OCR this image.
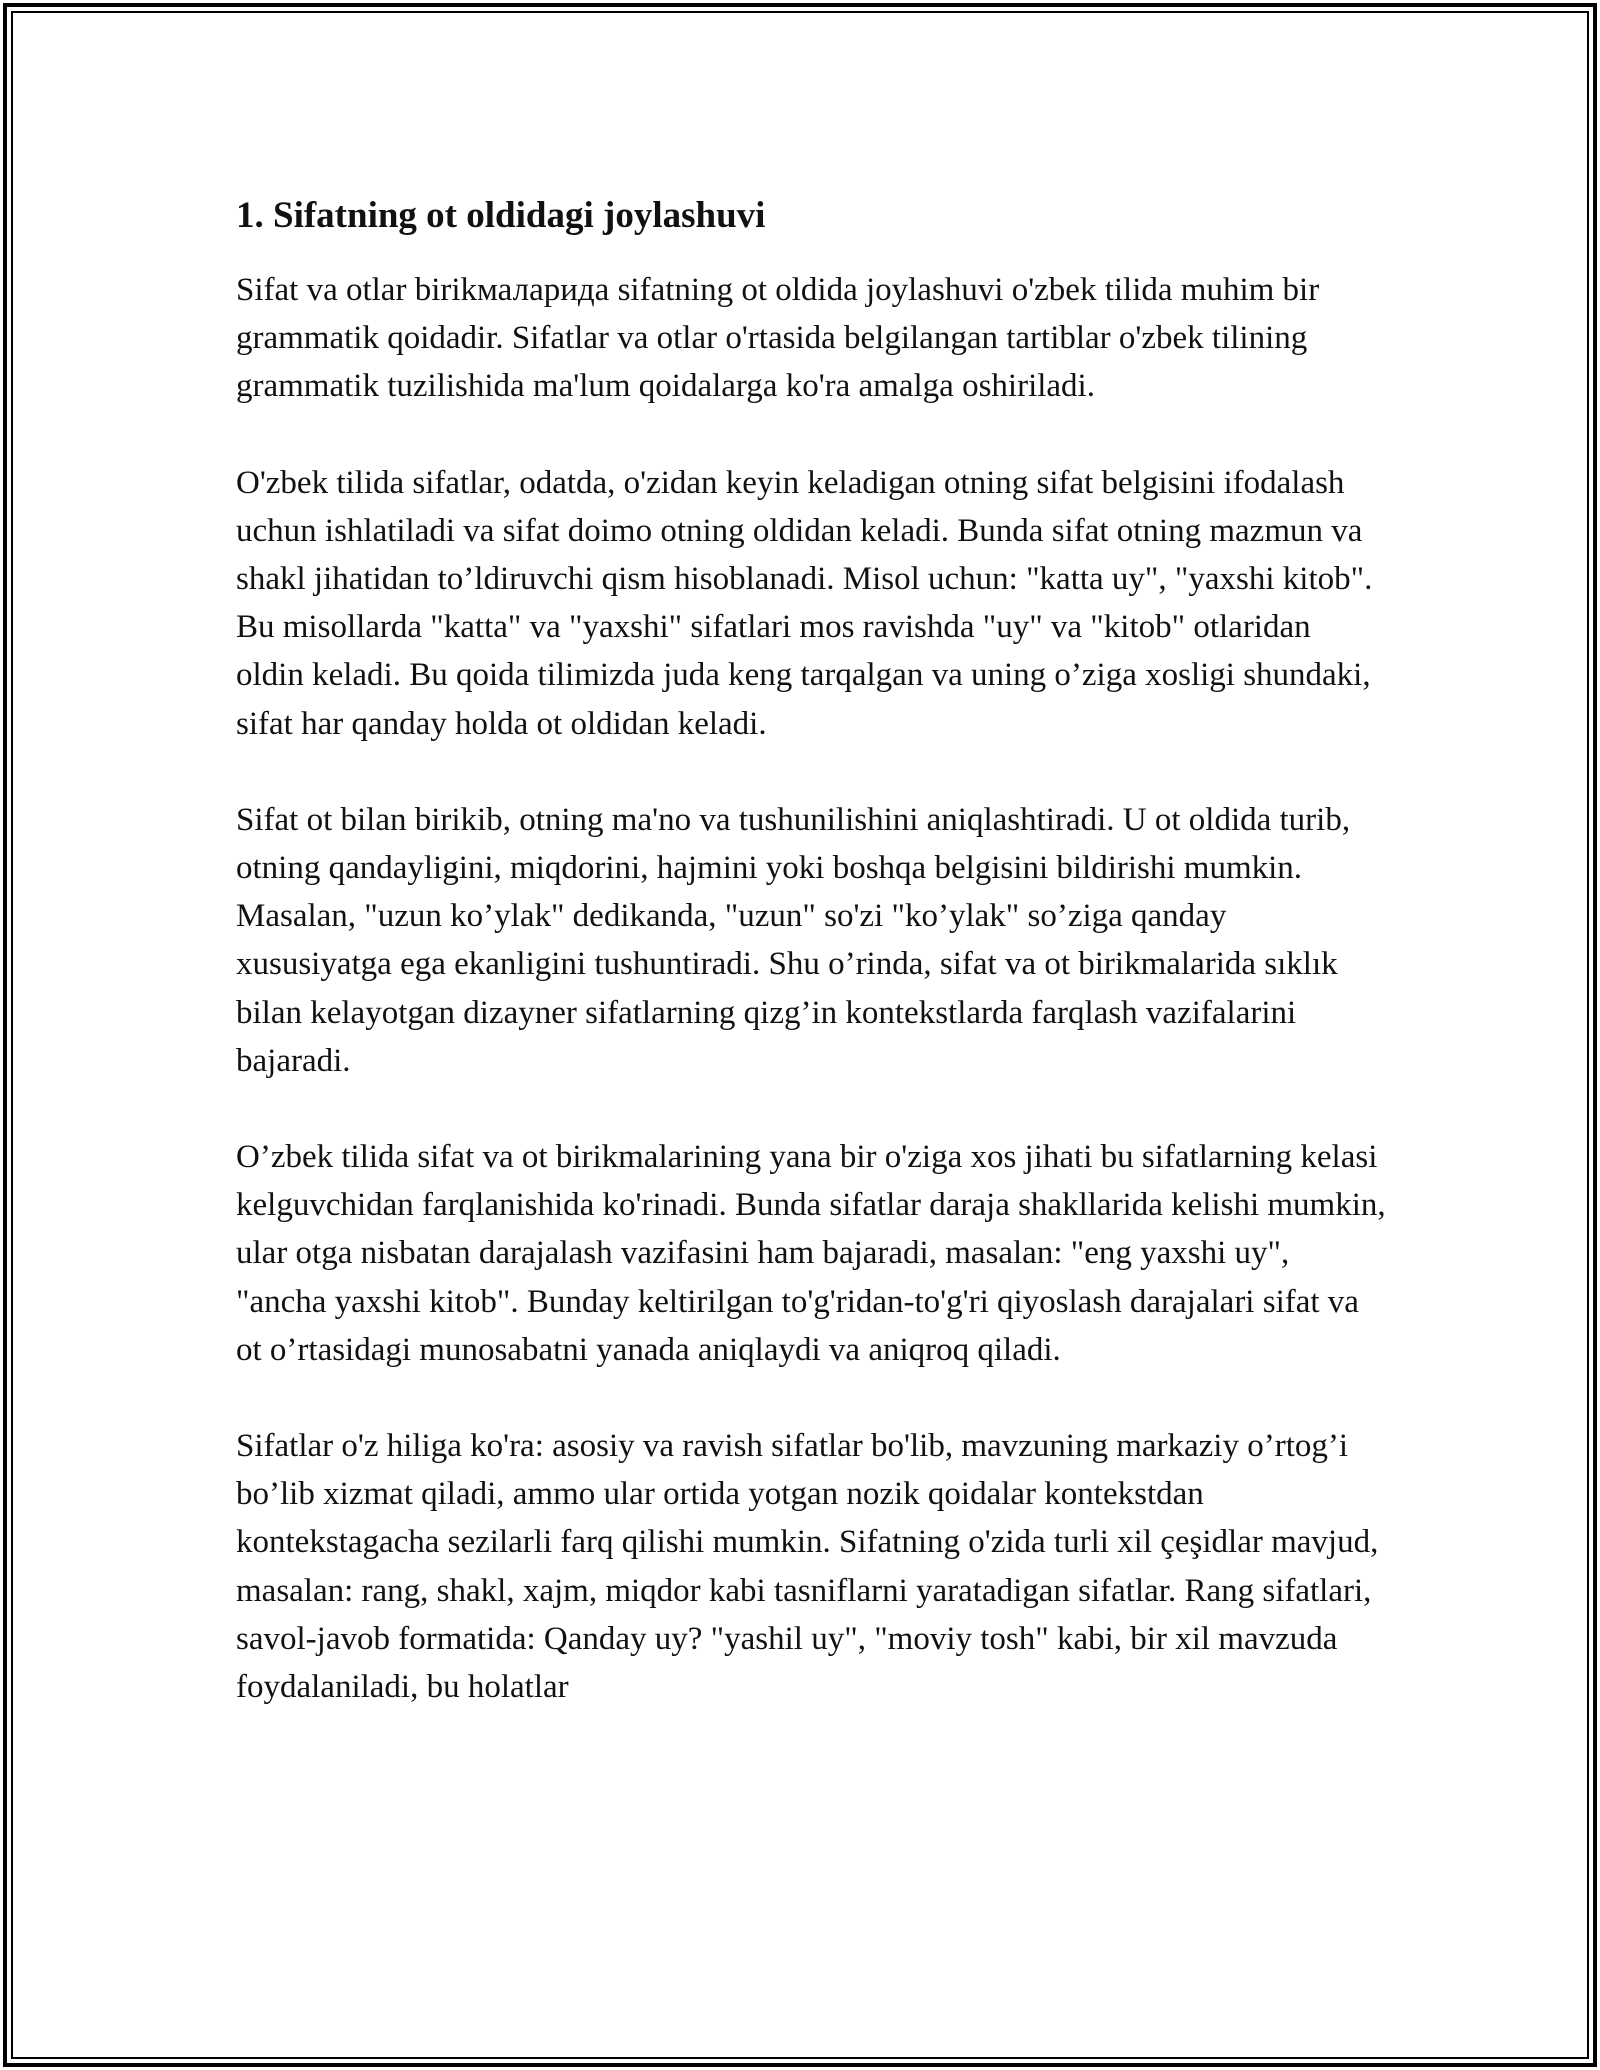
1. Sifatning ot oldidagi joylashuvi

Sifat va otlar birikмаларида sifatning ot oldida joylashuvi o'zbek tilida muhim bir grammatik qoidadir. Sifatlar va otlar o'rtasida belgilangan tartiblar o'zbek tilining grammatik tuzilishida ma'lum qoidalarga ko'ra amalga oshiriladi.

O'zbek tilida sifatlar, odatda, o'zidan keyin keladigan otning sifat belgisini ifodalash uchun ishlatiladi va sifat doimo otning oldidan keladi. Bunda sifat otning mazmun va shakl jihatidan to’ldiruvchi qism hisoblanadi. Misol uchun: "katta uy", "yaxshi kitob". Bu misollarda "katta" va "yaxshi" sifatlari mos ravishda "uy" va "kitob" otlaridan oldin keladi. Bu qoida tilimizda juda keng tarqalgan va uning o’ziga xosligi shundaki, sifat har qanday holda ot oldidan keladi.

Sifat ot bilan birikib, otning ma'no va tushunilishini aniqlashtiradi. U ot oldida turib, otning qandayligini, miqdorini, hajmini yoki boshqa belgisini bildirishi mumkin. Masalan, "uzun ko’ylak" dedikanda, "uzun" so'zi "ko’ylak" so’ziga qanday xususiyatga ega ekanligini tushuntiradi. Shu o’rinda, sifat va ot birikmalarida sıklık bilan kelayotgan dizayner sifatlarning qizg’in kontekstlarda farqlash vazifalarini bajaradi.

O’zbek tilida sifat va ot birikmalarining yana bir o'ziga xos jihati bu sifatlarning kelasi kelguvchidan farqlanishida ko'rinadi. Bunda sifatlar daraja shakllarida kelishi mumkin, ular otga nisbatan darajalash vazifasini ham bajaradi, masalan: "eng yaxshi uy", "ancha yaxshi kitob". Bunday keltirilgan to'g'ridan-to'g'ri qiyoslash darajalari sifat va ot o’rtasidagi munosabatni yanada aniqlaydi va aniqroq qiladi.

Sifatlar o'z hiliga ko'ra: asosiy va ravish sifatlar bo'lib, mavzuning markaziy o’rtog’i bo’lib xizmat qiladi, ammo ular ortida yotgan nozik qoidalar kontekstdan kontekstagacha sezilarli farq qilishi mumkin. Sifatning o'zida turli xil çeşidlar mavjud, masalan: rang, shakl, xajm, miqdor kabi tasniflarni yaratadigan sifatlar. Rang sifatlari, savol-javob formatida: Qanday uy? "yashil uy", "moviy tosh" kabi, bir xil mavzuda foydalaniladi, bu holatlar
